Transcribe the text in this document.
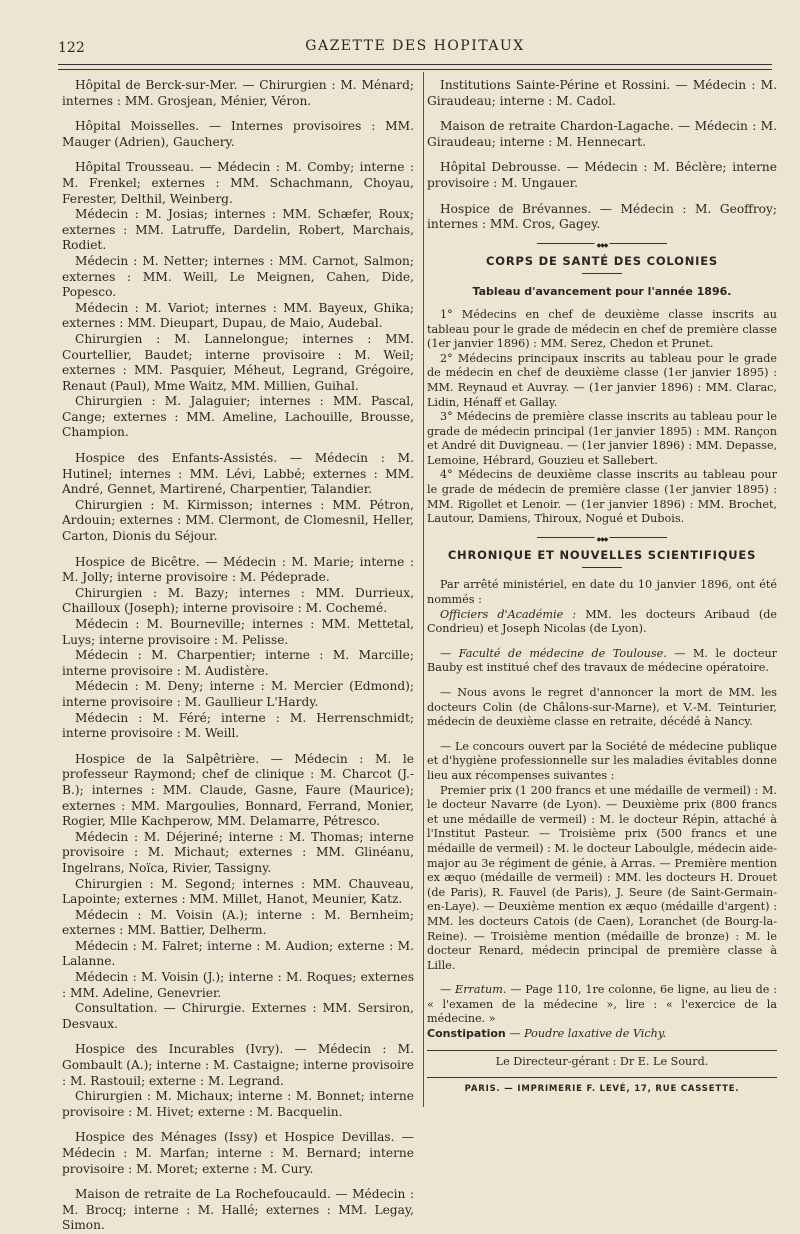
122	GAZETTE DES HOPITAUX

Hôpital de Berck-sur-Mer. — Chirurgien : M. Ménard; internes : MM. Grosjean, Ménier, Véron.

Hôpital Moisselles. — Internes provisoires : MM. Mauger (Adrien), Gauchery.

Hôpital Trousseau. — Médecin : M. Comby; interne : M. Frenkel; externes : MM. Schachmann, Choyau, Ferester, Delthil, Weinberg.

Médecin : M. Josias; internes : MM. Schæfer, Roux; externes : MM. Latruffe, Dardelin, Robert, Marchais, Rodiet.

Médecin : M. Netter; internes : MM. Carnot, Salmon; externes : MM. Weill, Le Meignen, Cahen, Dide, Popesco.

Médecin : M. Variot; internes : MM. Bayeux, Ghika; externes : MM. Dieupart, Dupau, de Maio, Audebal.

Chirurgien : M. Lannelongue; internes : MM. Courtellier, Baudet; interne provisoire : M. Weil; externes : MM. Pasquier, Méheut, Legrand, Grégoire, Renaut (Paul), Mme Waitz, MM. Millien, Guihal.

Chirurgien : M. Jalaguier; internes : MM. Pascal, Cange; externes : MM. Ameline, Lachouille, Brousse, Champion.

Hospice des Enfants-Assistés. — Médecin : M. Hutinel; internes : MM. Lévi, Labbé; externes : MM. André, Gennet, Martirené, Charpentier, Talandier.

Chirurgien : M. Kirmisson; internes : MM. Pétron, Ardouin; externes : MM. Clermont, de Clomesnil, Heller, Carton, Dionis du Séjour.

Hospice de Bicêtre. — Médecin : M. Marie; interne : M. Jolly; interne provisoire : M. Pédeprade.

Chirurgien : M. Bazy; internes : MM. Durrieux, Chailloux (Joseph); interne provisoire : M. Cochemé.

Médecin : M. Bourneville; internes : MM. Mettetal, Luys; interne provisoire : M. Pelisse.

Médecin : M. Charpentier; interne : M. Marcille; interne provisoire : M. Audistère.

Médecin : M. Deny; interne : M. Mercier (Edmond); interne provisoire : M. Gaullieur L'Hardy.

Médecin : M. Féré; interne : M. Herrenschmidt; interne provisoire : M. Weill.

Hospice de la Salpêtrière. — Médecin : M. le professeur Raymond; chef de clinique : M. Charcot (J.-B.); internes : MM. Claude, Gasne, Faure (Maurice); externes : MM. Margoulies, Bonnard, Ferrand, Monier, Rogier, Mlle Kachperow, MM. Delamarre, Pétresco.

Médecin : M. Déjeriné; interne : M. Thomas; interne provisoire : M. Michaut; externes : MM. Glinéanu, Ingelrans, Noïca, Rivier, Tassigny.

Chirurgien : M. Segond; internes : MM. Chauveau, Lapointe; externes : MM. Millet, Hanot, Meunier, Katz.

Médecin : M. Voisin (A.); interne : M. Bernheim; externes : MM. Battier, Delherm.

Médecin : M. Falret; interne : M. Audion; externe : M. Lalanne.

Médecin : M. Voisin (J.); interne : M. Roques; externes : MM. Adeline, Genevrier.

Consultation. — Chirurgie. Externes : MM. Sersiron, Desvaux.

Hospice des Incurables (Ivry). — Médecin : M. Gombault (A.); interne : M. Castaigne; interne provisoire : M. Rastouil; externe : M. Legrand.

Chirurgien : M. Michaux; interne : M. Bonnet; interne provisoire : M. Hivet; externe : M. Bacquelin.

Hospice des Ménages (Issy) et Hospice Devillas. — Médecin : M. Marfan; interne : M. Bernard; interne provisoire : M. Moret; externe : M. Cury.

Maison de retraite de La Rochefoucauld. — Médecin : M. Brocq; interne : M. Hallé; externes : MM. Legay, Simon.

Institutions Sainte-Périne et Rossini. — Médecin : M. Giraudeau; interne : M. Cadol.

Maison de retraite Chardon-Lagache. — Médecin : M. Giraudeau; interne : M. Hennecart.

Hôpital Debrousse. — Médecin : M. Béclère; interne provisoire : M. Ungauer.

Hospice de Brévannes. — Médecin : M. Geoffroy; internes : MM. Cros, Gagey.

◆◆◆
CORPS DE SANTÉ DES COLONIES
Tableau d'avancement pour l'année 1896.

1° Médecins en chef de deuxième classe inscrits au tableau pour le grade de médecin en chef de première classe (1er janvier 1896) : MM. Serez, Chedon et Prunet.

2° Médecins principaux inscrits au tableau pour le grade de médecin en chef de deuxième classe (1er janvier 1895) : MM. Reynaud et Auvray. — (1er janvier 1896) : MM. Clarac, Lidin, Hénaff et Gallay.

3° Médecins de première classe inscrits au tableau pour le grade de médecin principal (1er janvier 1895) : MM. Rançon et André dit Duvigneau. — (1er janvier 1896) : MM. Depasse, Lemoine, Hébrard, Gouzieu et Sallebert.

4° Médecins de deuxième classe inscrits au tableau pour le grade de médecin de première classe (1er janvier 1895) : MM. Rigollet et Lenoir. — (1er janvier 1896) : MM. Brochet, Lautour, Damiens, Thiroux, Nogué et Dubois.

◆◆◆
CHRONIQUE ET NOUVELLES SCIENTIFIQUES

Par arrêté ministériel, en date du 10 janvier 1896, ont été nommés :

Officiers d'Académie : MM. les docteurs Aribaud (de Condrieu) et Joseph Nicolas (de Lyon).

— Faculté de médecine de Toulouse. — M. le docteur Bauby est institué chef des travaux de médecine opératoire.

— Nous avons le regret d'annoncer la mort de MM. les docteurs Colin (de Châlons-sur-Marne), et V.-M. Teinturier, médecin de deuxième classe en retraite, décédé à Nancy.

— Le concours ouvert par la Société de médecine publique et d'hygiène professionnelle sur les maladies évitables donne lieu aux récompenses suivantes :

Premier prix (1 200 francs et une médaille de vermeil) : M. le docteur Navarre (de Lyon). — Deuxième prix (800 francs et une médaille de vermeil) : M. le docteur Répin, attaché à l'Institut Pasteur. — Troisième prix (500 francs et une médaille de vermeil) : M. le docteur Laboulgle, médecin aide-major au 3e régiment de génie, à Arras. — Première mention ex æquo (médaille de vermeil) : MM. les docteurs H. Drouet (de Paris), R. Fauvel (de Paris), J. Seure (de Saint-Germain-en-Laye). — Deuxième mention ex æquo (médaille d'argent) : MM. les docteurs Catois (de Caen), Loranchet (de Bourg-la-Reine). — Troisième mention (médaille de bronze) : M. le docteur Renard, médecin principal de première classe à Lille.

— Erratum. — Page 110, 1re colonne, 6e ligne, au lieu de : « l'examen de la médecine », lire : « l'exercice de la médecine. »

Constipation — Poudre laxative de Vichy.

Le Directeur-gérant : Dr E. Le Sourd.
PARIS. — IMPRIMERIE F. LEVÉ, 17, RUE CASSETTE.
